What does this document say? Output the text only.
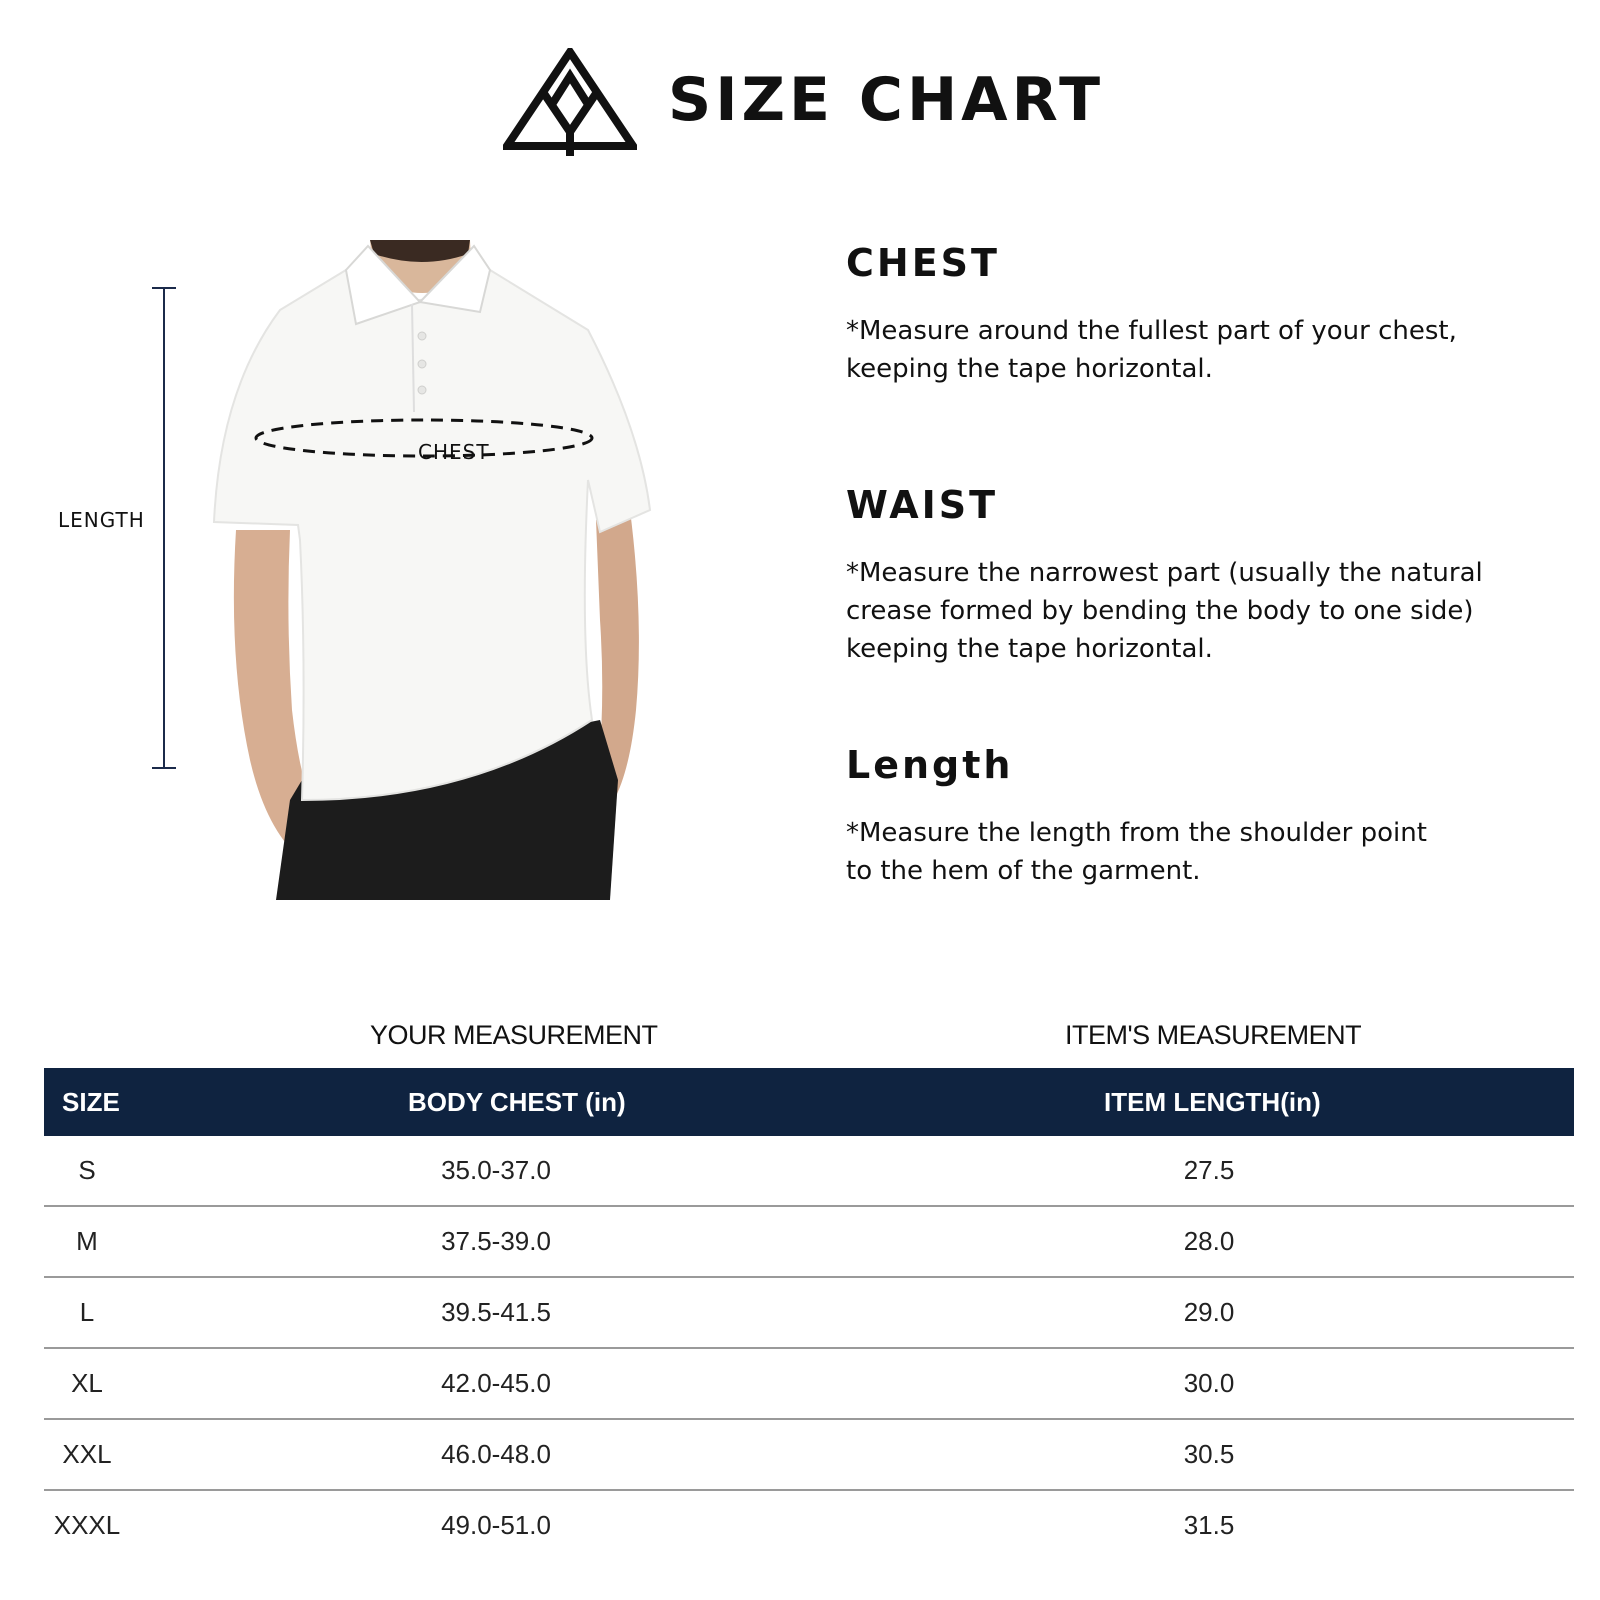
SIZE CHART
LENGTH
CHEST
CHEST

*Measure around the fullest part of your chest,
keeping the tape horizontal.

WAIST

*Measure the narrowest part (usually the natural
crease formed by bending the body to one side)
keeping the tape horizontal.

Length

*Measure the length from the shoulder point
to the hem of the garment.

YOUR MEASUREMENT	ITEM'S MEASUREMENT
SIZE	BODY CHEST (in)	ITEM LENGTH(in)
S	35.0-37.0	27.5
M	37.5-39.0	28.0
L	39.5-41.5	29.0
XL	42.0-45.0	30.0
XXL	46.0-48.0	30.5
XXXL	49.0-51.0	31.5
